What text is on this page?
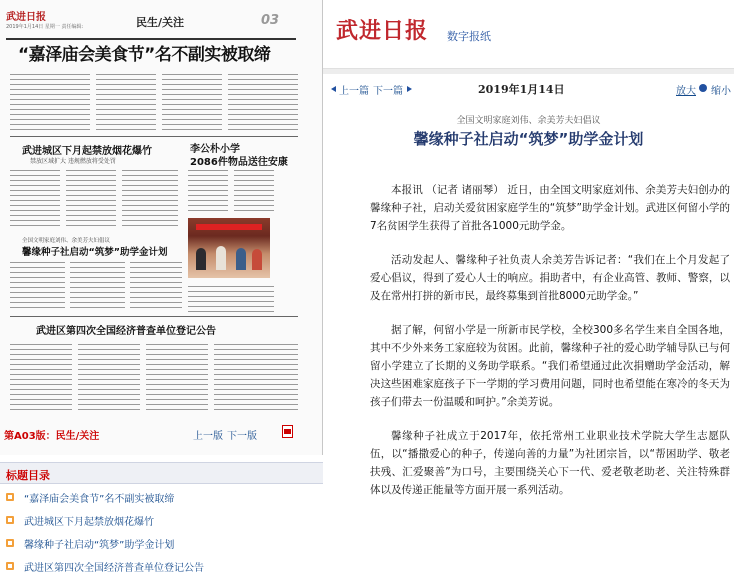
武进日报
2019年1月14日 星期一 责任编辑:	民生/关注	03
“嘉泽庙会美食节”名不副实被取缔
武进城区下月起禁放烟花爆竹
禁放区域扩大 违规燃放将受处罚
李公朴小学
2086件物品送往安康
全国文明家庭刘伟、余美芳夫妇倡议
馨缘种子社启动“筑梦”助学金计划
武进区第四次全国经济普查单位登记公告
第A03版：民生/关注	上一版 下一版
标题目录
“嘉泽庙会美食节”名不副实被取缔
武进城区下月起禁放烟花爆竹
馨缘种子社启动“筑梦”助学金计划
武进区第四次全国经济普查单位登记公告
武进日报 数字报纸
上一篇 下一篇	2019年1月14日	放大 缩小
全国文明家庭刘伟、余美芳夫妇倡议
馨缘种子社启动“筑梦”助学金计划

本报讯 （记者 诸丽琴） 近日，由全国文明家庭刘伟、余美芳夫妇创办的馨缘种子社，启动关爱贫困家庭学生的“筑梦”助学金计划。武进区何留小学的7名贫困学生获得了首批各1000元助学金。

活动发起人、馨缘种子社负责人余美芳告诉记者：“我们在上个月发起了爱心倡议，得到了爱心人士的响应。捐助者中，有企业高管、教师、警察，以及在常州打拼的新市民，最终募集到首批8000元助学金。”

据了解，何留小学是一所新市民学校，全校300多名学生来自全国各地，其中不少外来务工家庭较为贫困。此前，馨缘种子社的爱心助学辅导队已与何留小学建立了长期的义务助学联系。“我们希望通过此次捐赠助学金活动，解决这些困难家庭孩子下一学期的学习费用问题，同时也希望能在寒冷的冬天为孩子们带去一份温暖和呵护。”余美芳说。

馨缘种子社成立于2017年，依托常州工业职业技术学院大学生志愿队伍，以“播撒爱心的种子，传递向善的力量”为社团宗旨，以“帮困助学、敬老扶残、汇爱聚善”为口号，主要围绕关心下一代、爱老敬老助老、关注特殊群体以及传递正能量等方面开展一系列活动。
